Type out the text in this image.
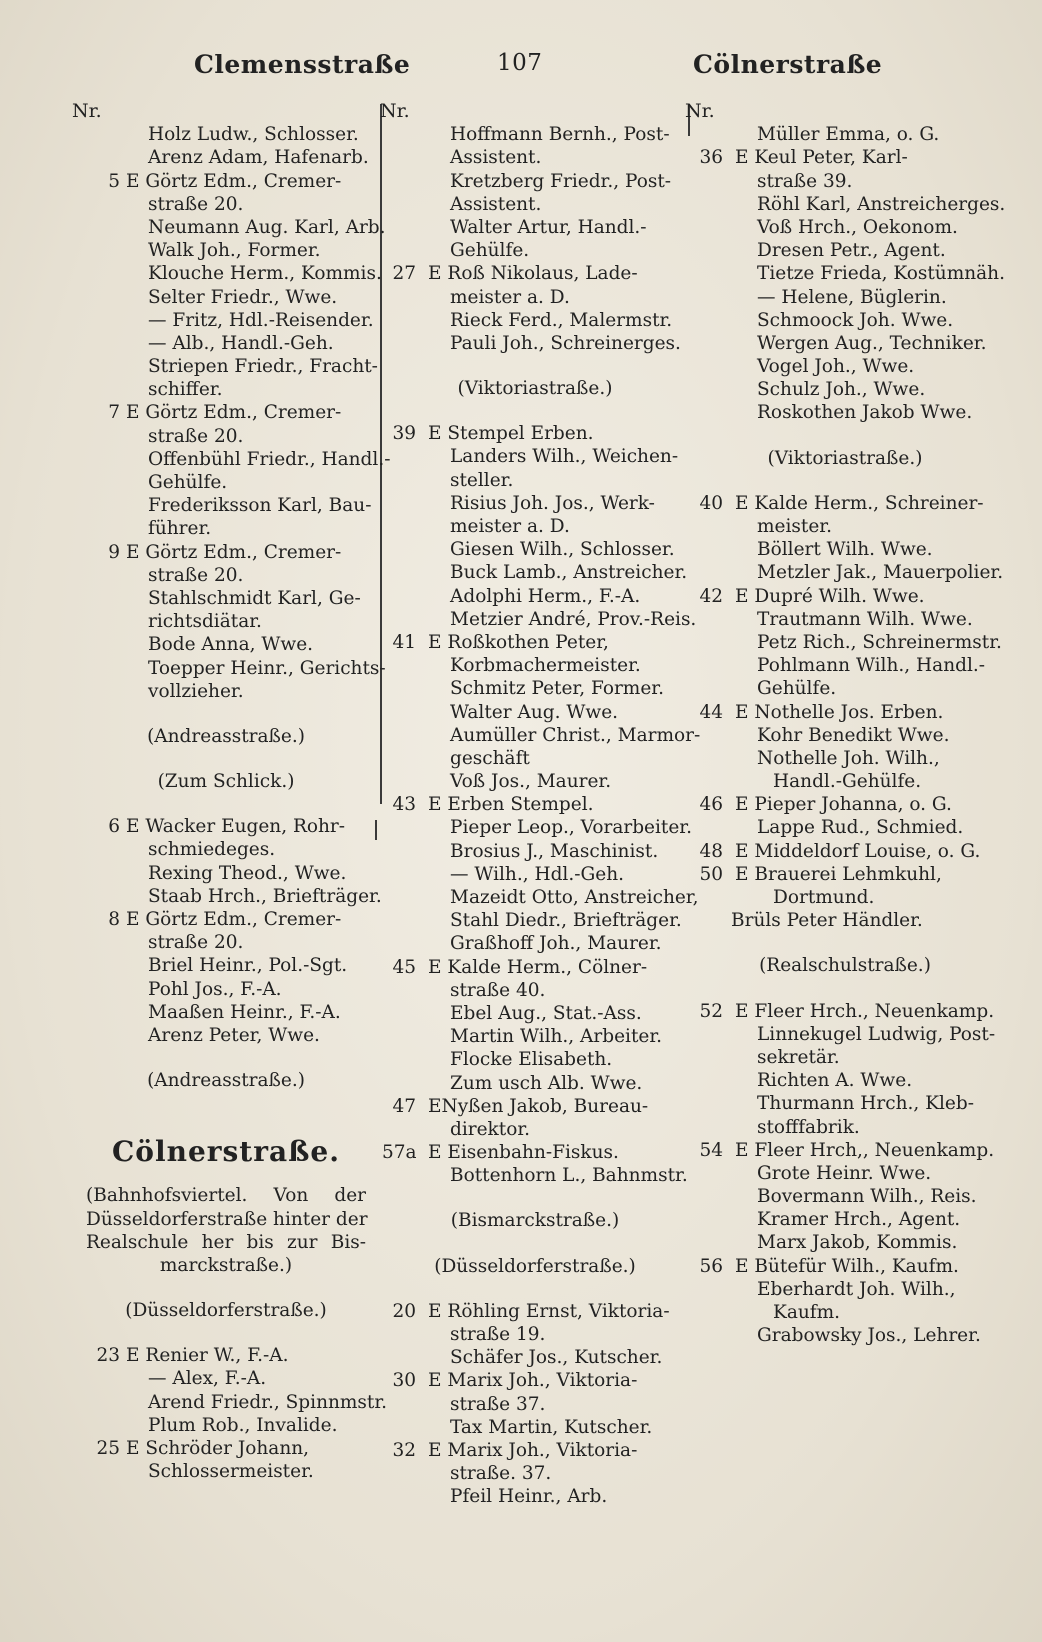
Clemensstraße	107	Cölnerstraße
Nr.
Holz Ludw., Schlosser.
Arenz Adam, Hafenarb.
5 E Görtz Edm., Cremer-
straße 20.
Neumann Aug. Karl, Arb.
Walk Joh., Former.
Klouche Herm., Kommis.
Selter Friedr., Wwe.
— Fritz, Hdl.-Reisender.
— Alb., Handl.-Geh.
Striepen Friedr., Fracht-
schiffer.
7 E Görtz Edm., Cremer-
straße 20.
Offenbühl Friedr., Handl.-
Gehülfe.
Frederiksson Karl, Bau-
führer.
9 E Görtz Edm., Cremer-
straße 20.
Stahlschmidt Karl, Ge-
richtsdiätar.
Bode Anna, Wwe.
Toepper Heinr., Gerichts-
vollzieher.
(Andreasstraße.)
(Zum Schlick.)
6 E Wacker Eugen, Rohr-
schmiedeges.
Rexing Theod., Wwe.
Staab Hrch., Briefträger.
8 E Görtz Edm., Cremer-
straße 20.
Briel Heinr., Pol.-Sgt.
Pohl Jos., F.-A.
Maaßen Heinr., F.-A.
Arenz Peter, Wwe.
(Andreasstraße.)
Cölnerstraße.
(Bahnhofsviertel. Von der
Düsseldorferstraße hinter der
Realschule her bis zur Bis-
marckstraße.)
(Düsseldorferstraße.)
23 E Renier W., F.-A.
— Alex, F.-A.
Arend Friedr., Spinnmstr.
Plum Rob., Invalide.
25 E Schröder Johann,
Schlossermeister.
Nr.
Hoffmann Bernh., Post-
Assistent.
Kretzberg Friedr., Post-
Assistent.
Walter Artur, Handl.-
Gehülfe.
27 E Roß Nikolaus, Lade-
meister a. D.
Rieck Ferd., Malermstr.
Pauli Joh., Schreinerges.
(Viktoriastraße.)
39 E Stempel Erben.
Landers Wilh., Weichen-
steller.
Risius Joh. Jos., Werk-
meister a. D.
Giesen Wilh., Schlosser.
Buck Lamb., Anstreicher.
Adolphi Herm., F.-A.
Metzier André, Prov.-Reis.
41 E Roßkothen Peter,
Korbmachermeister.
Schmitz Peter, Former.
Walter Aug. Wwe.
Aumüller Christ., Marmor-
geschäft
Voß Jos., Maurer.
43 E Erben Stempel.
Pieper Leop., Vorarbeiter.
Brosius J., Maschinist.
— Wilh., Hdl.-Geh.
Mazeidt Otto, Anstreicher,
Stahl Diedr., Briefträger.
Graßhoff Joh., Maurer.
45 E Kalde Herm., Cölner-
straße 40.
Ebel Aug., Stat.-Ass.
Martin Wilh., Arbeiter.
Flocke Elisabeth.
Zum usch Alb. Wwe.
47 ENyßen Jakob, Bureau-
direktor.
57a E Eisenbahn-Fiskus.
Bottenhorn L., Bahnmstr.
(Bismarckstraße.)
(Düsseldorferstraße.)
20 E Röhling Ernst, Viktoria-
straße 19.
Schäfer Jos., Kutscher.
30 E Marix Joh., Viktoria-
straße 37.
Tax Martin, Kutscher.
32 E Marix Joh., Viktoria-
straße. 37.
Pfeil Heinr., Arb.
Nr.
Müller Emma, o. G.
36 E Keul Peter, Karl-
straße 39.
Röhl Karl, Anstreicherges.
Voß Hrch., Oekonom.
Dresen Petr., Agent.
Tietze Frieda, Kostümnäh.
— Helene, Büglerin.
Schmoock Joh. Wwe.
Wergen Aug., Techniker.
Vogel Joh., Wwe.
Schulz Joh., Wwe.
Roskothen Jakob Wwe.
(Viktoriastraße.)
40 E Kalde Herm., Schreiner-
meister.
Böllert Wilh. Wwe.
Metzler Jak., Mauerpolier.
42 E Dupré Wilh. Wwe.
Trautmann Wilh. Wwe.
Petz Rich., Schreinermstr.
Pohlmann Wilh., Handl.-
Gehülfe.
44 E Nothelle Jos. Erben.
Kohr Benedikt Wwe.
Nothelle Joh. Wilh.,
Handl.-Gehülfe.
46 E Pieper Johanna, o. G.
Lappe Rud., Schmied.
48 E Middeldorf Louise, o. G.
50 E Brauerei Lehmkuhl,
Dortmund.
Brüls Peter Händler.
(Realschulstraße.)
52 E Fleer Hrch., Neuenkamp.
Linnekugel Ludwig, Post-
sekretär.
Richten A. Wwe.
Thurmann Hrch., Kleb-
stofffabrik.
54 E Fleer Hrch,, Neuenkamp.
Grote Heinr. Wwe.
Bovermann Wilh., Reis.
Kramer Hrch., Agent.
Marx Jakob, Kommis.
56 E Bütefür Wilh., Kaufm.
Eberhardt Joh. Wilh.,
Kaufm.
Grabowsky Jos., Lehrer.
